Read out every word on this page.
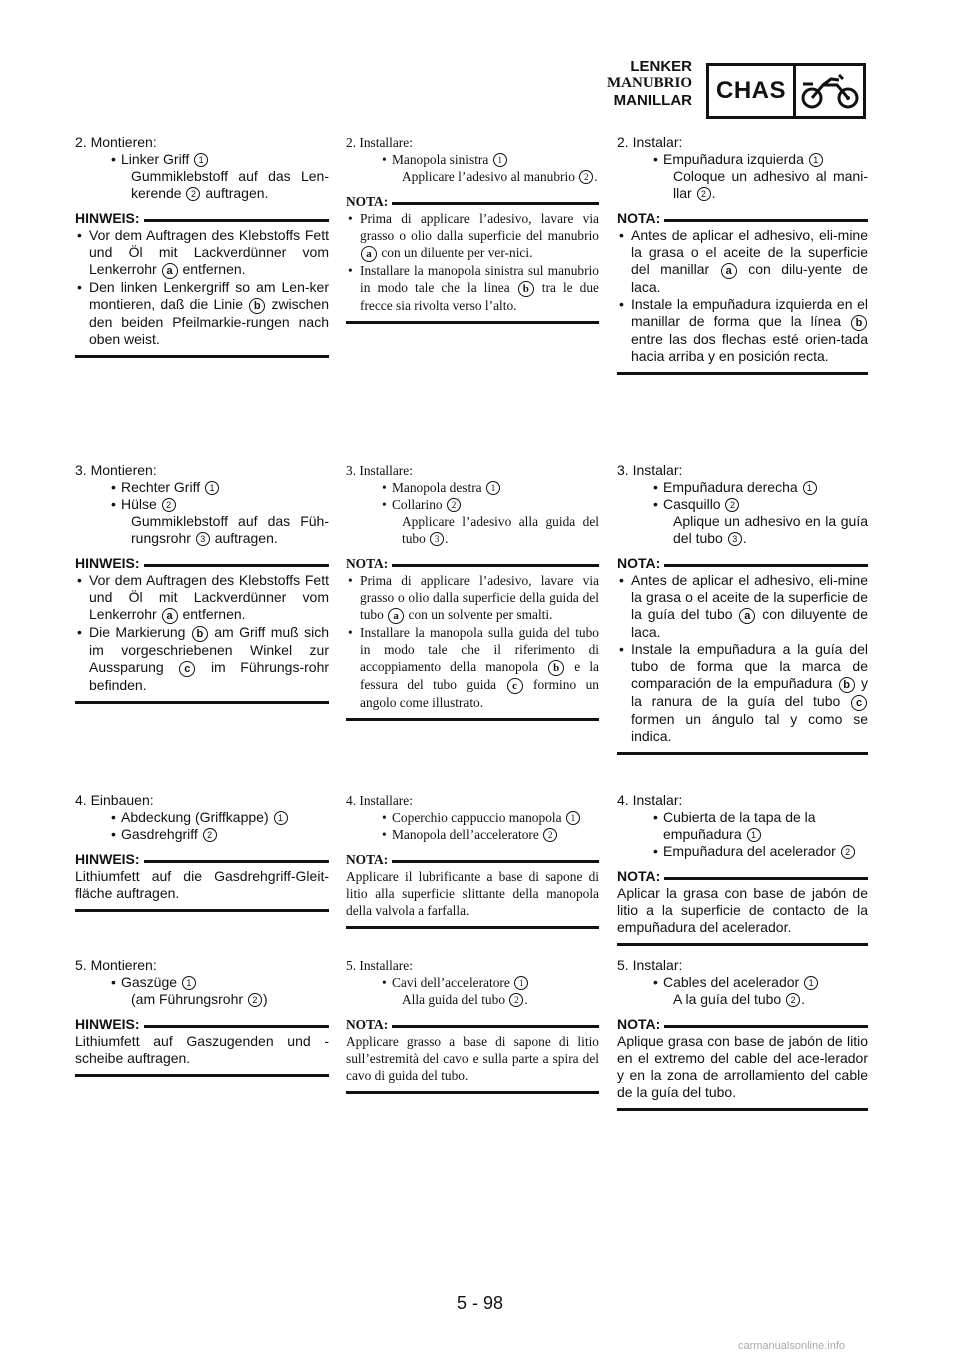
LENKER
MANUBRIO
MANILLAR CHAS
2. Montieren:
• Linker Griff 1
Gummiklebstoff auf das Len-kerende 2 auftragen.
HINWEIS:
• Vor dem Auftragen des Klebstoffs Fett und Öl mit Lackverdünner vom Lenkerrohr a entfernen.
• Den linken Lenkergriff so am Len-ker montieren, daß die Linie b zwischen den beiden Pfeilmarkie-rungen nach oben weist.
2. Installare:
• Manopola sinistra 1
Applicare l’adesivo al manubrio 2 .
NOTA:
• Prima di applicare l’adesivo, lavare via grasso o olio dalla superficie del manubrio a con un diluente per ver-nici.
• Installare la manopola sinistra sul manubrio in modo tale che la linea b tra le due frecce sia rivolta verso l’alto.
2. Instalar:
• Empuñadura izquierda 1
Coloque un adhesivo al mani-llar 2 .
NOTA:
• Antes de aplicar el adhesivo, eli-mine la grasa o el aceite de la superficie del manillar a con dilu-yente de laca.
• Instale la empuñadura izquierda en el manillar de forma que la línea b entre las dos flechas esté orien-tada hacia arriba y en posición recta.
3. Montieren:
• Rechter Griff 1
• Hülse 2
Gummiklebstoff auf das Füh-rungsrohr 3 auftragen.
HINWEIS:
• Vor dem Auftragen des Klebstoffs Fett und Öl mit Lackverdünner vom Lenkerrohr a entfernen.
• Die Markierung b am Griff muß sich im vorgeschriebenen Winkel zur Aussparung c im Führungs-rohr befinden.
3. Installare:
• Manopola destra 1
• Collarino 2
Applicare l’adesivo alla guida del tubo 3 .
NOTA:
• Prima di applicare l’adesivo, lavare via grasso o olio dalla superficie della guida del tubo a con un solvente per smalti.
• Installare la manopola sulla guida del tubo in modo tale che il riferimento di accoppiamento della manopola b e la fessura del tubo guida c formino un angolo come illustrato.
3. Instalar:
• Empuñadura derecha 1
• Casquillo 2
Aplique un adhesivo en la guía del tubo 3 .
NOTA:
• Antes de aplicar el adhesivo, eli-mine la grasa o el aceite de la superficie de la guía del tubo a con diluyente de laca.
• Instale la empuñadura a la guía del tubo de forma que la marca de comparación de la empuñadura b y la ranura de la guía del tubo c formen un ángulo tal y como se indica.
4. Einbauen:
• Abdeckung (Griffkappe) 1
• Gasdrehgriff 2
HINWEIS:
Lithiumfett auf die Gasdrehgriff-Gleit-fläche auftragen.
4. Installare:
• Coperchio cappuccio manopola 1
• Manopola dell’acceleratore 2
NOTA:
Applicare il lubrificante a base di sapone di litio alla superficie slittante della manopola della valvola a farfalla.
4. Instalar:
• Cubierta de la tapa de la empuñadura 1
• Empuñadura del acelerador 2
NOTA:
Aplicar la grasa con base de jabón de litio a la superficie de contacto de la empuñadura del acelerador.
5. Montieren:
• Gaszüge 1
(am Führungsrohr 2 )
HINWEIS:
Lithiumfett auf Gaszugenden und -scheibe auftragen.
5. Installare:
• Cavi dell’acceleratore 1
Alla guida del tubo 2 .
NOTA:
Applicare grasso a base di sapone di litio sull’estremità del cavo e sulla parte a spira del cavo di guida del tubo.
5. Instalar:
• Cables del acelerador 1
A la guía del tubo 2 .
NOTA:
Aplique grasa con base de jabón de litio en el extremo del cable del ace-lerador y en la zona de arrollamiento del cable de la guía del tubo.
5 - 98
carmanualsonline.info
